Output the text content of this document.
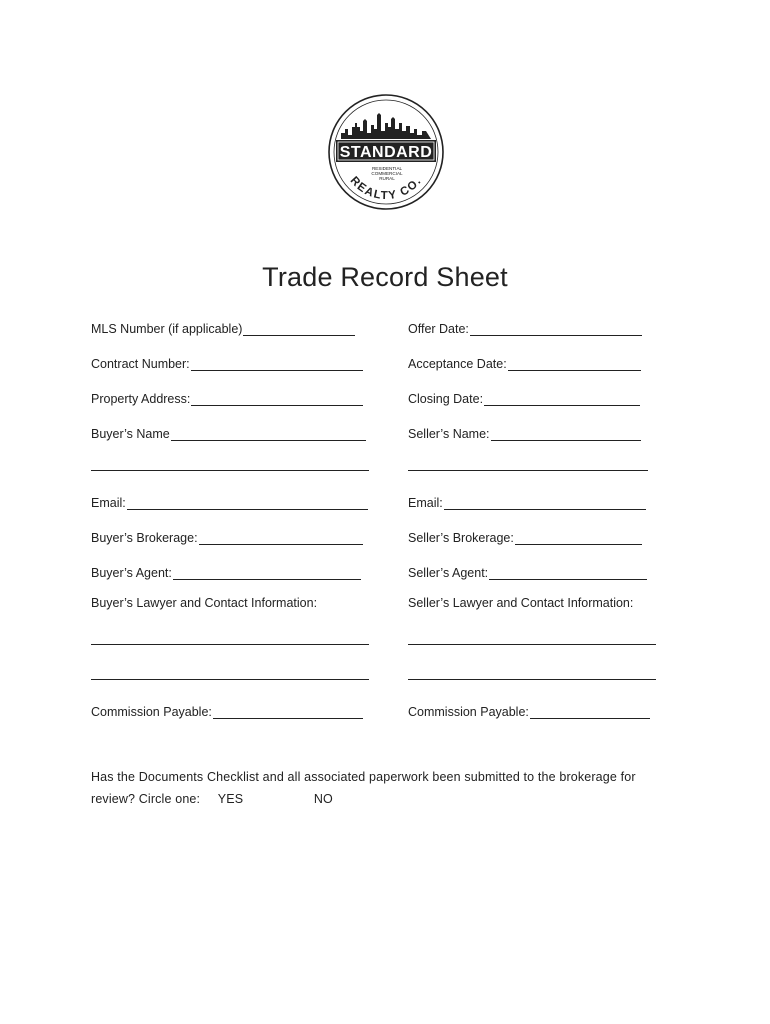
STANDARD
RESIDENTIAL
COMMERCIAL
RURAL
REALTY CO.
Trade Record Sheet
MLS Number (if applicable)
Contract Number:
Property Address:
Buyer’s Name
Email:
Buyer’s Brokerage:
Buyer’s Agent:
Buyer’s Lawyer and Contact Information:
Commission Payable:
Offer Date:
Acceptance Date:
Closing Date:
Seller’s Name:
Email:
Seller’s Brokerage:
Seller’s Agent:
Seller’s Lawyer and Contact Information:
Commission Payable:
Has the Documents Checklist and all associated paperwork been submitted to the brokerage for
review? Circle one: YES	NO
